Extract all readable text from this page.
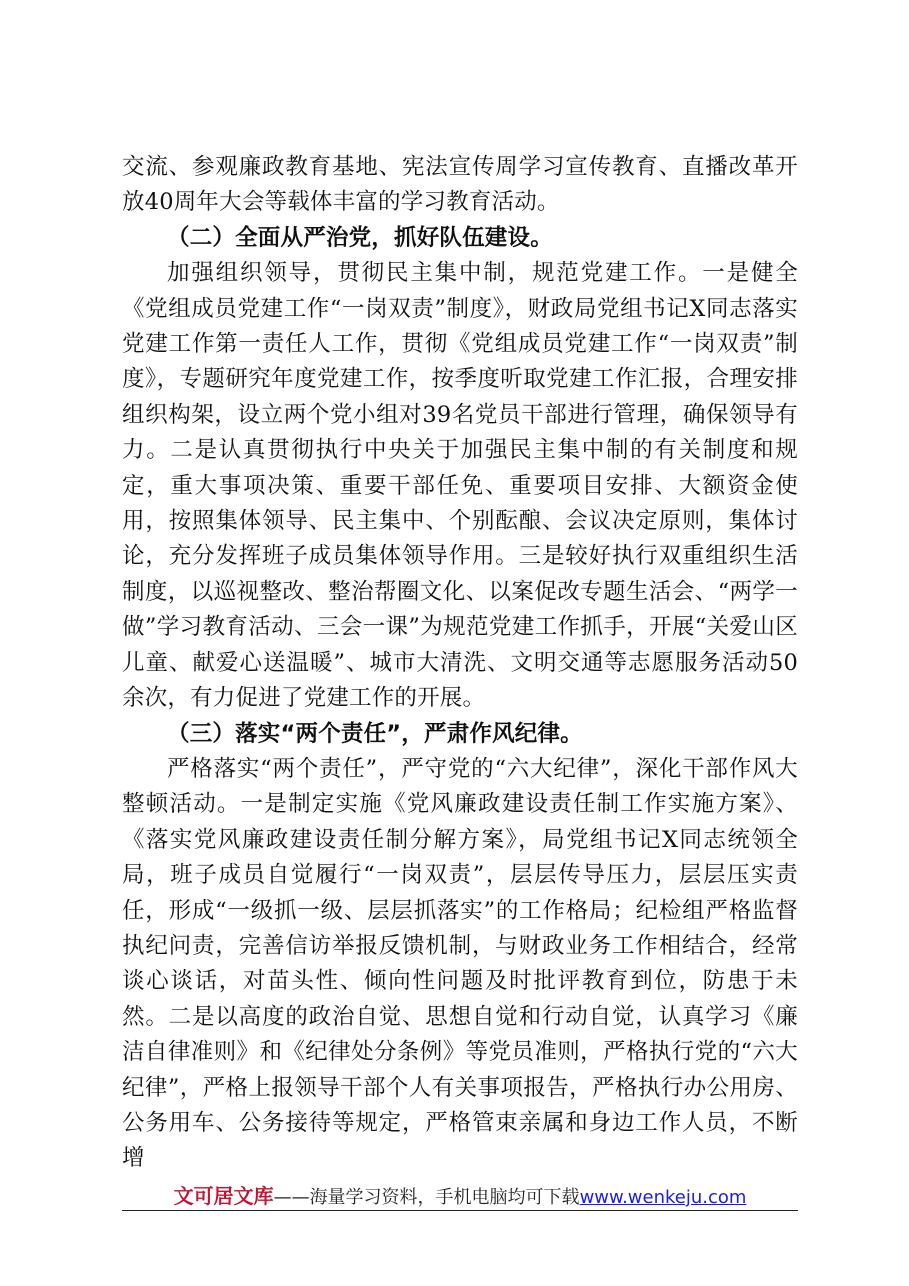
交流、参观廉政教育基地、宪法宣传周学习宣传教育、直播改革开放40周年大会等载体丰富的学习教育活动。

（二）全面从严治党，抓好队伍建设。

加强组织领导，贯彻民主集中制，规范党建工作。一是健全《党组成员党建工作“一岗双责”制度》，财政局党组书记X同志落实党建工作第一责任人工作，贯彻《党组成员党建工作“一岗双责”制度》，专题研究年度党建工作，按季度听取党建工作汇报，合理安排组织构架，设立两个党小组对39名党员干部进行管理，确保领导有力。二是认真贯彻执行中央关于加强民主集中制的有关制度和规定，重大事项决策、重要干部任免、重要项目安排、大额资金使用，按照集体领导、民主集中、个别酝酿、会议决定原则，集体讨论，充分发挥班子成员集体领导作用。三是较好执行双重组织生活制度，以巡视整改、整治帮圈文化、以案促改专题生活会、“两学一做”学习教育活动、三会一课”为规范党建工作抓手，开展“关爱山区儿童、献爱心送温暖”、城市大清洗、文明交通等志愿服务活动50余次，有力促进了党建工作的开展。

（三）落实“两个责任”，严肃作风纪律。

严格落实“两个责任”，严守党的“六大纪律”，深化干部作风大整顿活动。一是制定实施《党风廉政建设责任制工作实施方案》、《落实党风廉政建设责任制分解方案》，局党组书记X同志统领全局，班子成员自觉履行“一岗双责”，层层传导压力，层层压实责任，形成“一级抓一级、层层抓落实”的工作格局；纪检组严格监督执纪问责，完善信访举报反馈机制，与财政业务工作相结合，经常谈心谈话，对苗头性、倾向性问题及时批评教育到位，防患于未然。二是以高度的政治自觉、思想自觉和行动自觉，认真学习《廉洁自律准则》和《纪律处分条例》等党员准则，严格执行党的“六大纪律”，严格上报领导干部个人有关事项报告，严格执行办公用房、公务用车、公务接待等规定，严格管束亲属和身边工作人员，不断增

文可居文库——海量学习资料，手机电脑均可下载www.wenkeju.com
